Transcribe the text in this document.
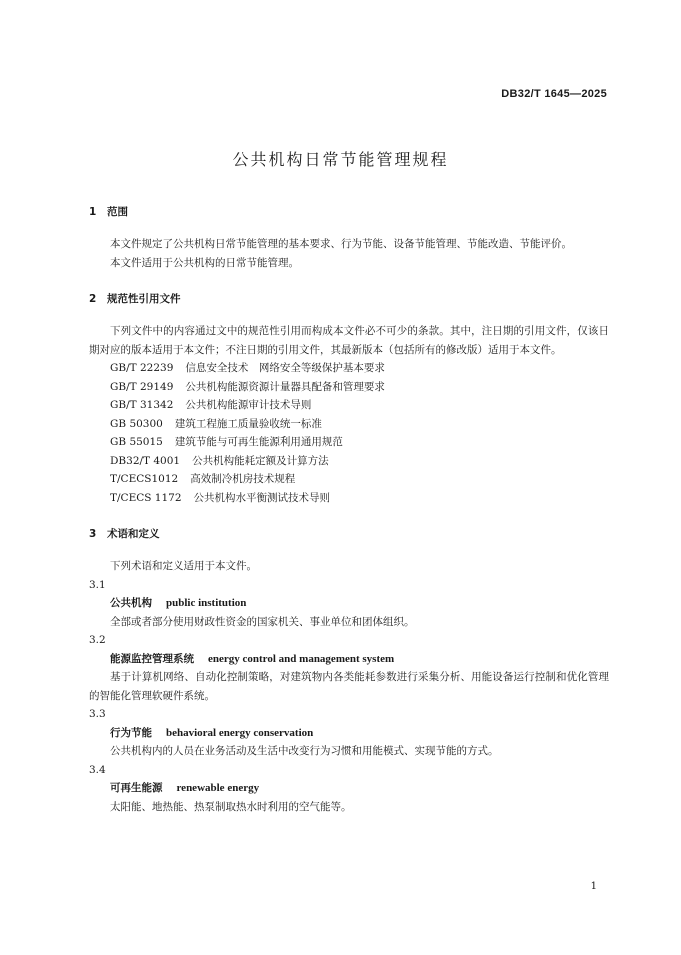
DB32/T 1645—2025
公共机构日常节能管理规程
1 范围

本文件规定了公共机构日常节能管理的基本要求、行为节能、设备节能管理、节能改造、节能评价。

本文件适用于公共机构的日常节能管理。

2 规范性引用文件

下列文件中的内容通过文中的规范性引用而构成本文件必不可少的条款。其中，注日期的引用文件，仅该日期对应的版本适用于本文件；不注日期的引用文件，其最新版本（包括所有的修改版）适用于本文件。

GB/T 22239 信息安全技术　网络安全等级保护基本要求
GB/T 29149 公共机构能源资源计量器具配备和管理要求
GB/T 31342 公共机构能源审计技术导则
GB 50300 建筑工程施工质量验收统一标准
GB 55015 建筑节能与可再生能源利用通用规范
DB32/T 4001 公共机构能耗定额及计算方法
T/CECS1012 高效制冷机房技术规程
T/CECS 1172 公共机构水平衡测试技术导则
3 术语和定义

下列术语和定义适用于本文件。

3.1

公共机构 public institution

全部或者部分使用财政性资金的国家机关、事业单位和团体组织。

3.2

能源监控管理系统 energy control and management system

基于计算机网络、自动化控制策略，对建筑物内各类能耗参数进行采集分析、用能设备运行控制和优化管理的智能化管理软硬件系统。

3.3

行为节能 behavioral energy conservation

公共机构内的人员在业务活动及生活中改变行为习惯和用能模式、实现节能的方式。

3.4

可再生能源 renewable energy

太阳能、地热能、热泵制取热水时利用的空气能等。

1
